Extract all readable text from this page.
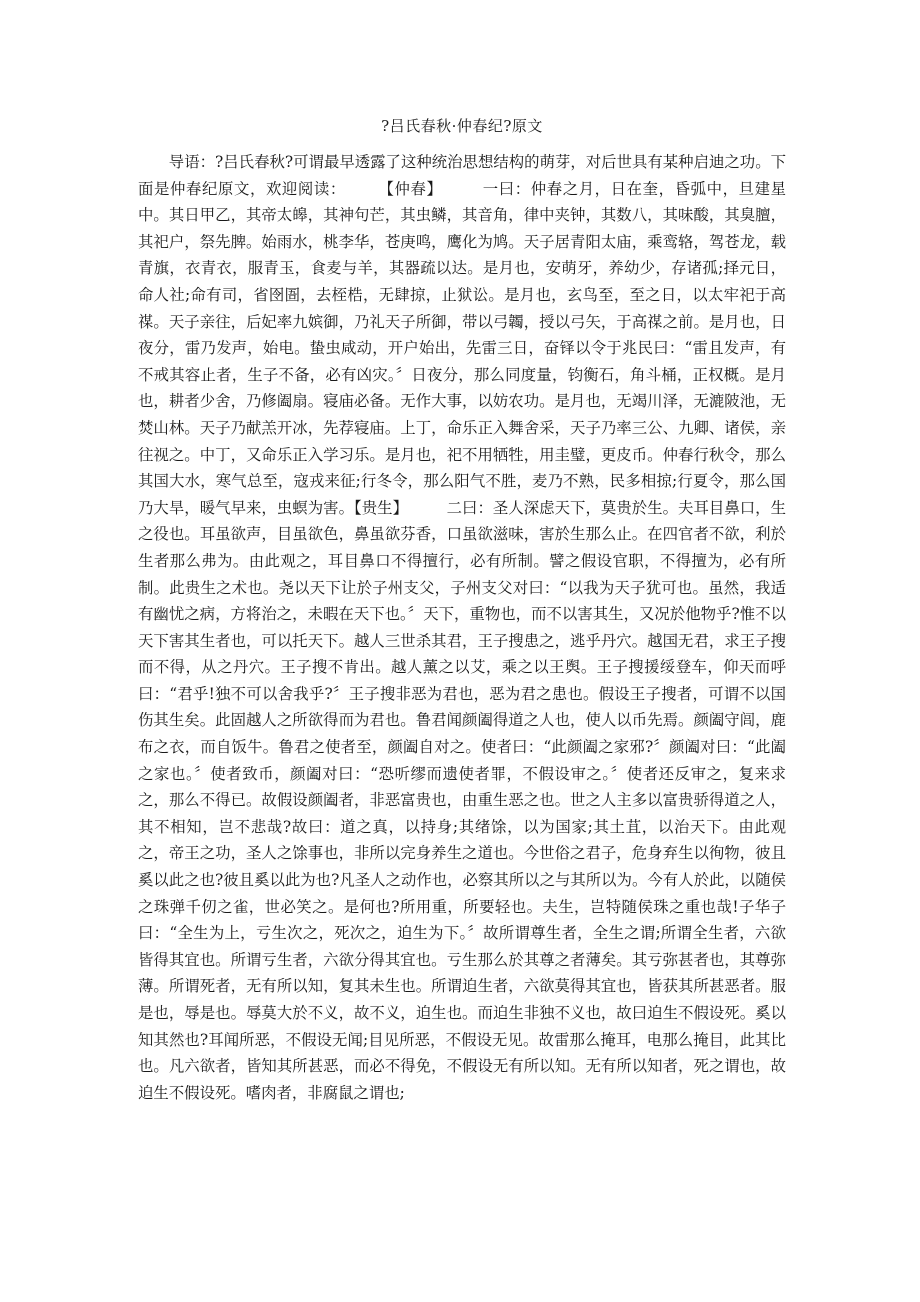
?吕氏春秋·仲春纪?原文

导语：?吕氏春秋?可谓最早透露了这种统治思想结构的萌芽，对后世具有某种启迪之功。下面是仲春纪原文，欢迎阅读：　　　【仲春】　　　一曰：仲春之月，日在奎，昏弧中，旦建星中。其日甲乙，其帝太皞，其神句芒，其虫鳞，其音角，律中夹钟，其数八，其味酸，其臭膻，其祀户，祭先脾。始雨水，桃李华，苍庚鸣，鹰化为鸠。天子居青阳太庙，乘鸾辂，驾苍龙，载青旗，衣青衣，服青玉，食麦与羊，其器疏以达。是月也，安萌牙，养幼少，存诸孤;择元日，命人社;命有司，省囹圄，去桎梏，无肆掠，止狱讼。是月也，玄鸟至，至之日，以太牢祀于高禖。天子亲往，后妃率九嫔御，乃礼天子所御，带以弓韣，授以弓矢，于高禖之前。是月也，日夜分，雷乃发声，始电。蛰虫咸动，开户始出，先雷三日，奋铎以令于兆民曰：“雷且发声，有不戒其容止者，生子不备，必有凶灾。〞日夜分，那么同度量，钧衡石，角斗桶，正权概。是月也，耕者少舍，乃修阖扇。寝庙必备。无作大事，以妨农功。是月也，无竭川泽，无漉陂池，无焚山林。天子乃献羔开冰，先荐寝庙。上丁，命乐正入舞舍采，天子乃率三公、九卿、诸侯，亲往视之。中丁，又命乐正入学习乐。是月也，祀不用牺牲，用圭璧，更皮币。仲春行秋令，那么其国大水，寒气总至，寇戎来征;行冬令，那么阳气不胜，麦乃不熟，民多相掠;行夏令，那么国乃大旱，暖气早来，虫螟为害。【贵生】　　　二曰：圣人深虑天下，莫贵於生。夫耳目鼻口，生之役也。耳虽欲声，目虽欲色，鼻虽欲芬香，口虽欲滋味，害於生那么止。在四官者不欲，利於生者那么弗为。由此观之，耳目鼻口不得擅行，必有所制。譬之假设官职，不得擅为，必有所制。此贵生之术也。尧以天下让於子州支父，子州支父对曰：“以我为天子犹可也。虽然，我适有幽忧之病，方将治之，未暇在天下也。〞天下，重物也，而不以害其生，又况於他物乎?惟不以天下害其生者也，可以托天下。越人三世杀其君，王子搜患之，逃乎丹穴。越国无君，求王子搜而不得，从之丹穴。王子搜不肯出。越人薰之以艾，乘之以王舆。王子搜援绥登车，仰天而呼曰：“君乎!独不可以舍我乎?〞王子搜非恶为君也，恶为君之患也。假设王子搜者，可谓不以国伤其生矣。此固越人之所欲得而为君也。鲁君闻颜阖得道之人也，使人以币先焉。颜阖守闾，鹿布之衣，而自饭牛。鲁君之使者至，颜阖自对之。使者曰：“此颜阖之家邪?〞颜阖对曰：“此阖之家也。〞使者致币，颜阖对曰：“恐听缪而遗使者罪，不假设审之。〞使者还反审之，复来求之，那么不得已。故假设颜阖者，非恶富贵也，由重生恶之也。世之人主多以富贵骄得道之人，其不相知，岂不悲哉?故曰：道之真，以持身;其绪馀，以为国家;其土苴，以治天下。由此观之，帝王之功，圣人之馀事也，非所以完身养生之道也。今世俗之君子，危身弃生以徇物，彼且奚以此之也?彼且奚以此为也?凡圣人之动作也，必察其所以之与其所以为。今有人於此，以随侯之珠弹千仞之雀，世必笑之。是何也?所用重，所要轻也。夫生，岂特随侯珠之重也哉!子华子曰：“全生为上，亏生次之，死次之，迫生为下。〞故所谓尊生者，全生之谓;所谓全生者，六欲皆得其宜也。所谓亏生者，六欲分得其宜也。亏生那么於其尊之者薄矣。其亏弥甚者也，其尊弥薄。所谓死者，无有所以知，复其未生也。所谓迫生者，六欲莫得其宜也，皆获其所甚恶者。服是也，辱是也。辱莫大於不义，故不义，迫生也。而迫生非独不义也，故曰迫生不假设死。奚以知其然也?耳闻所恶，不假设无闻;目见所恶，不假设无见。故雷那么掩耳，电那么掩目，此其比也。凡六欲者，皆知其所甚恶，而必不得免，不假设无有所以知。无有所以知者，死之谓也，故迫生不假设死。嗜肉者，非腐鼠之谓也;
